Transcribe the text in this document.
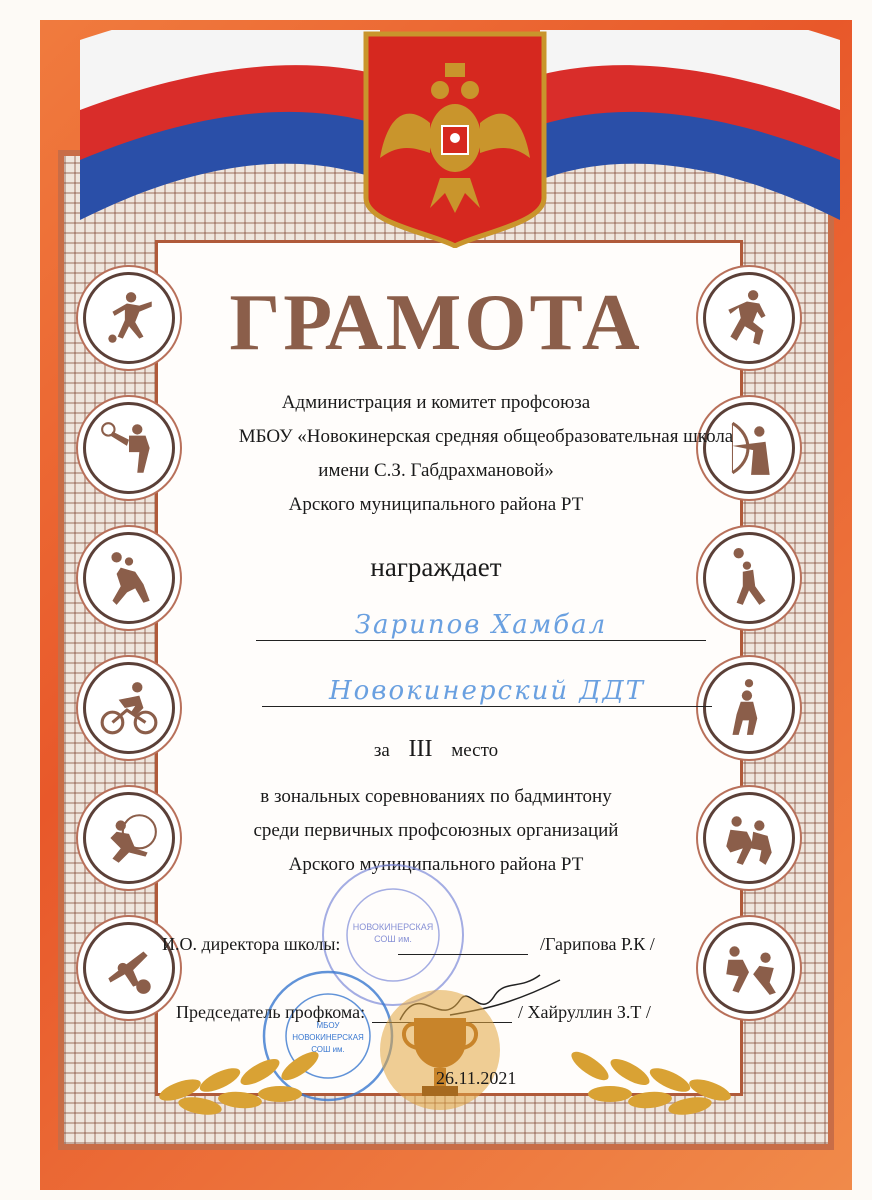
ГРАМОТА
Администрация и комитет профсоюза
МБОУ «Новокинерская средняя общеобразовательная школа
имени С.З. Габдрахмановой»
Арского муниципального района РТ
награждает
Зарипов Хамбал
Новокинерский ДДТ
за III место
в зональных соревнованиях по бадминтону
среди первичных профсоюзных организаций
Арского муниципального района РТ
НОВОКИНЕРСКАЯ
СОШ им.
МБОУ
НОВОКИНЕРСКАЯ
СОШ им.
И.О. директора школы:	/Гарипова Р.К /
Председатель профкома:	/ Хайруллин З.Т /
26.11.2021
